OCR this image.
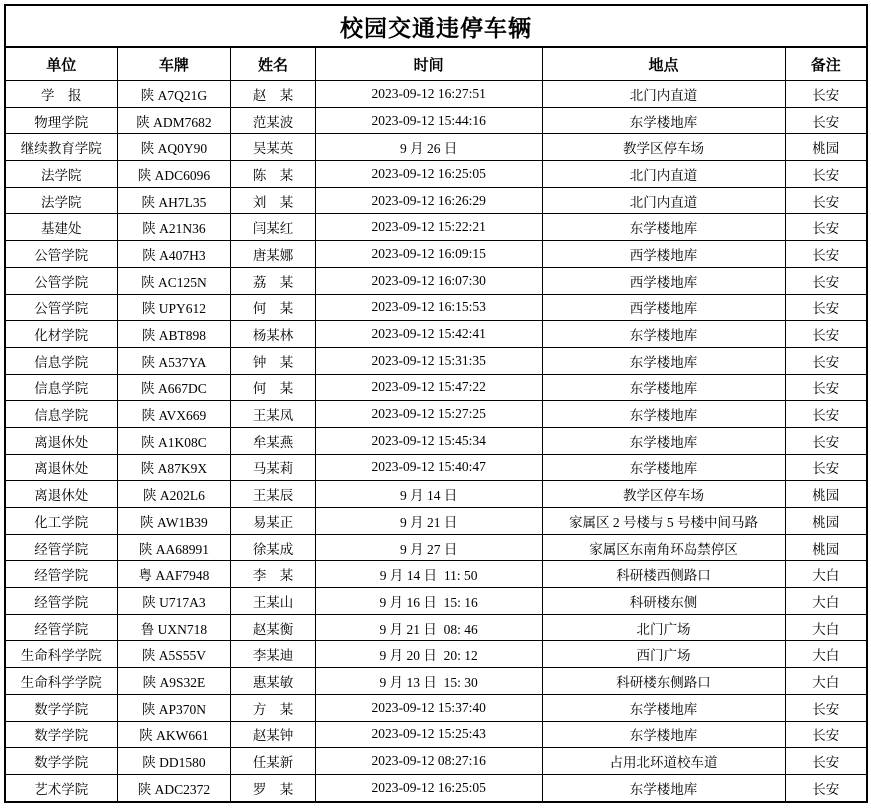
校园交通违停车辆					
单位	车牌	姓名	时间	地点	备注
学　报	陕 A7Q21G	赵　某	2023-09-12 16:27:51	北门内直道	长安
物理学院	陕 ADM7682	范某波	2023-09-12 15:44:16	东学楼地库	长安
继续教育学院	陕 AQ0Y90	吴某英	9 月 26 日	教学区停车场	桃园
法学院	陕 ADC6096	陈　某	2023-09-12 16:25:05	北门内直道	长安
法学院	陕 AH7L35	刘　某	2023-09-12 16:26:29	北门内直道	长安
基建处	陕 A21N36	闫某红	2023-09-12 15:22:21	东学楼地库	长安
公管学院	陕 A407H3	唐某娜	2023-09-12 16:09:15	西学楼地库	长安
公管学院	陕 AC125N	荔　某	2023-09-12 16:07:30	西学楼地库	长安
公管学院	陕 UPY612	何　某	2023-09-12 16:15:53	西学楼地库	长安
化材学院	陕 ABT898	杨某林	2023-09-12 15:42:41	东学楼地库	长安
信息学院	陕 A537YA	钟　某	2023-09-12 15:31:35	东学楼地库	长安
信息学院	陕 A667DC	何　某	2023-09-12 15:47:22	东学楼地库	长安
信息学院	陕 AVX669	王某凤	2023-09-12 15:27:25	东学楼地库	长安
离退休处	陕 A1K08C	牟某燕	2023-09-12 15:45:34	东学楼地库	长安
离退休处	陕 A87K9X	马某莉	2023-09-12 15:40:47	东学楼地库	长安
离退休处	陕 A202L6	王某辰	9 月 14 日	教学区停车场	桃园
化工学院	陕 AW1B39	易某正	9 月 21 日	家属区 2 号楼与 5 号楼中间马路	桃园
经管学院	陕 AA68991	徐某成	9 月 27 日	家属区东南角环岛禁停区	桃园
经管学院	粤 AAF7948	李　某	9 月 14 日  11: 50	科研楼西侧路口	大白
经管学院	陕 U717A3	王某山	9 月 16 日  15: 16	科研楼东侧	大白
经管学院	鲁 UXN718	赵某衡	9 月 21 日  08: 46	北门广场	大白
生命科学学院	陕 A5S55V	李某迪	9 月 20 日  20: 12	西门广场	大白
生命科学学院	陕 A9S32E	惠某敏	9 月 13 日  15: 30	科研楼东侧路口	大白
数学学院	陕 AP370N	方　某	2023-09-12 15:37:40	东学楼地库	长安
数学学院	陕 AKW661	赵某钟	2023-09-12 15:25:43	东学楼地库	长安
数学学院	陕 DD1580	任某新	2023-09-12 08:27:16	占用北环道校车道	长安
艺术学院	陕 ADC2372	罗　某	2023-09-12 16:25:05	东学楼地库	长安
